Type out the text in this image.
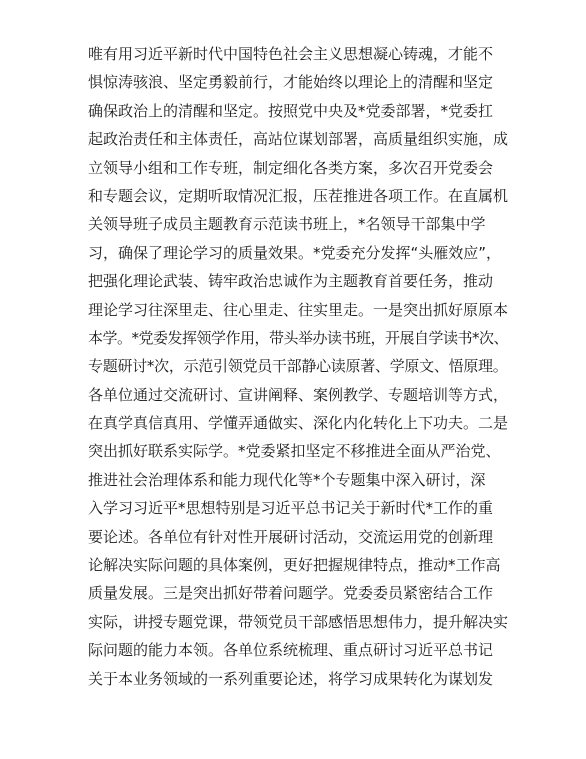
唯有用习近平新时代中国特色社会主义思想凝心铸魂，才能不
惧惊涛骇浪、坚定勇毅前行，才能始终以理论上的清醒和坚定
确保政治上的清醒和坚定。按照党中央及*党委部署，*党委扛
起政治责任和主体责任，高站位谋划部署，高质量组织实施，成
立领导小组和工作专班，制定细化各类方案，多次召开党委会
和专题会议，定期听取情况汇报，压茬推进各项工作。在直属机
关领导班子成员主题教育示范读书班上，*名领导干部集中学
习，确保了理论学习的质量效果。*党委充分发挥“头雁效应”，
把强化理论武装、铸牢政治忠诚作为主题教育首要任务，推动
理论学习往深里走、往心里走、往实里走。一是突出抓好原原本
本学。*党委发挥领学作用，带头举办读书班，开展自学读书*次、
专题研讨*次，示范引领党员干部静心读原著、学原文、悟原理。
各单位通过交流研讨、宣讲阐释、案例教学、专题培训等方式，
在真学真信真用、学懂弄通做实、深化内化转化上下功夫。二是
突出抓好联系实际学。*党委紧扣坚定不移推进全面从严治党、
推进社会治理体系和能力现代化等*个专题集中深入研讨，深
入学习习近平*思想特别是习近平总书记关于新时代*工作的重
要论述。各单位有针对性开展研讨活动，交流运用党的创新理
论解决实际问题的具体案例，更好把握规律特点，推动*工作高
质量发展。三是突出抓好带着问题学。党委委员紧密结合工作
实际，讲授专题党课，带领党员干部感悟思想伟力，提升解决实
际问题的能力本领。各单位系统梳理、重点研讨习近平总书记
关于本业务领域的一系列重要论述，将学习成果转化为谋划发
